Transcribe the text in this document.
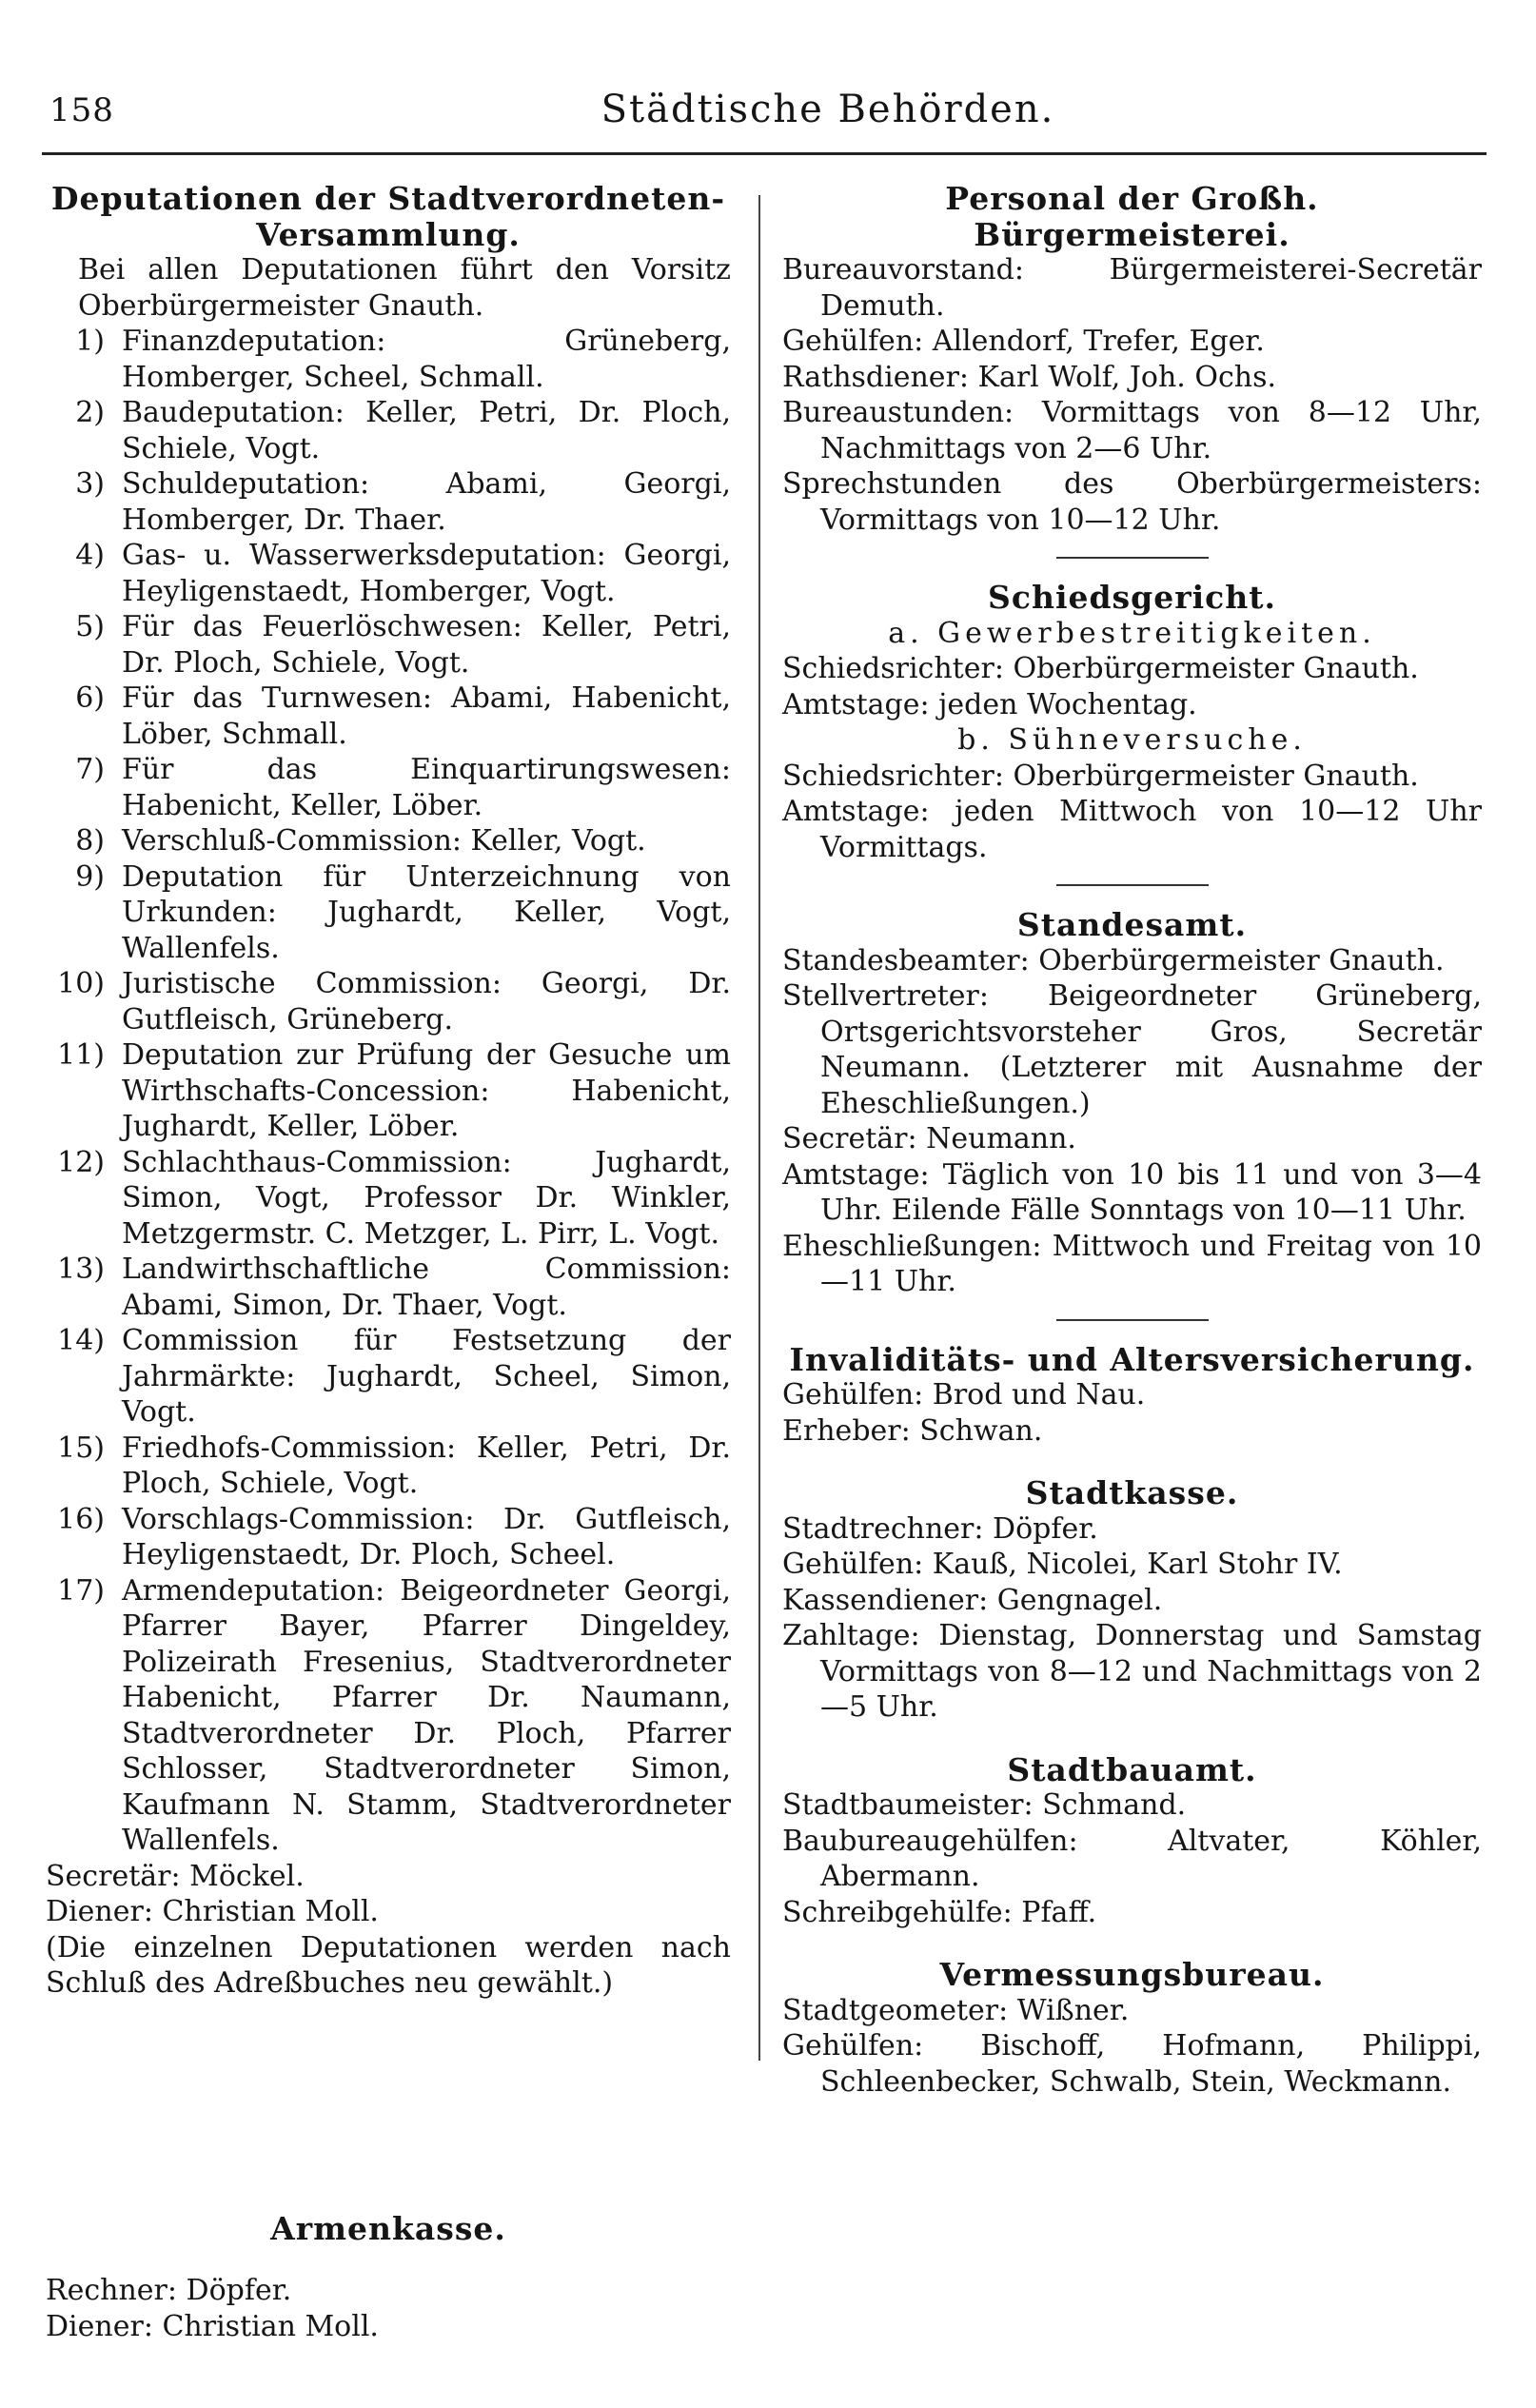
158	Städtische Behörden.
Deputationen der Stadtverordneten-Versammlung.
Bei allen Deputationen führt den Vorsitz Oberbürgermeister Gnauth.
1) Finanzdeputation: Grüneberg, Homberger, Scheel, Schmall.
2) Baudeputation: Keller, Petri, Dr. Ploch, Schiele, Vogt.
3) Schuldeputation: Abami, Georgi, Homberger, Dr. Thaer.
4) Gas- u. Wasserwerksdeputation: Georgi, Heyligenstaedt, Homberger, Vogt.
5) Für das Feuerlöschwesen: Keller, Petri, Dr. Ploch, Schiele, Vogt.
6) Für das Turnwesen: Abami, Habenicht, Löber, Schmall.
7) Für das Einquartirungswesen: Habenicht, Keller, Löber.
8) Verschluß-Commission: Keller, Vogt.
9) Deputation für Unterzeichnung von Urkunden: Jughardt, Keller, Vogt, Wallenfels.
10) Juristische Commission: Georgi, Dr. Gutfleisch, Grüneberg.
11) Deputation zur Prüfung der Gesuche um Wirthschafts-Concession: Habenicht, Jughardt, Keller, Löber.
12) Schlachthaus-Commission: Jughardt, Simon, Vogt, Professor Dr. Winkler, Metzgermstr. C. Metzger, L. Pirr, L. Vogt.
13) Landwirthschaftliche Commission: Abami, Simon, Dr. Thaer, Vogt.
14) Commission für Festsetzung der Jahrmärkte: Jughardt, Scheel, Simon, Vogt.
15) Friedhofs-Commission: Keller, Petri, Dr. Ploch, Schiele, Vogt.
16) Vorschlags-Commission: Dr. Gutfleisch, Heyligenstaedt, Dr. Ploch, Scheel.
17) Armendeputation: Beigeordneter Georgi, Pfarrer Bayer, Pfarrer Dingeldey, Polizeirath Fresenius, Stadtverordneter Habenicht, Pfarrer Dr. Naumann, Stadtverordneter Dr. Ploch, Pfarrer Schlosser, Stadtverordneter Simon, Kaufmann N. Stamm, Stadtverordneter Wallenfels.
Secretär: Möckel.
Diener: Christian Moll.
(Die einzelnen Deputationen werden nach Schluß des Adreßbuches neu gewählt.)
Armenkasse.
Rechner: Döpfer.
Diener: Christian Moll.
Personal der Großh. Bürgermeisterei.
Bureauvorstand: Bürgermeisterei-Secretär Demuth.
Gehülfen: Allendorf, Trefer, Eger.
Rathsdiener: Karl Wolf, Joh. Ochs.
Bureaustunden: Vormittags von 8—12 Uhr, Nachmittags von 2—6 Uhr.
Sprechstunden des Oberbürgermeisters: Vormittags von 10—12 Uhr.
Schiedsgericht.
a. Gewerbestreitigkeiten.
Schiedsrichter: Oberbürgermeister Gnauth.
Amtstage: jeden Wochentag.
b. Sühneversuche.
Schiedsrichter: Oberbürgermeister Gnauth.
Amtstage: jeden Mittwoch von 10—12 Uhr Vormittags.
Standesamt.
Standesbeamter: Oberbürgermeister Gnauth.
Stellvertreter: Beigeordneter Grüneberg, Ortsgerichtsvorsteher Gros, Secretär Neumann. (Letzterer mit Ausnahme der Eheschließungen.)
Secretär: Neumann.
Amtstage: Täglich von 10 bis 11 und von 3—4 Uhr. Eilende Fälle Sonntags von 10—11 Uhr.
Eheschließungen: Mittwoch und Freitag von 10—11 Uhr.
Invaliditäts- und Altersversicherung.
Gehülfen: Brod und Nau.
Erheber: Schwan.
Stadtkasse.
Stadtrechner: Döpfer.
Gehülfen: Kauß, Nicolei, Karl Stohr IV.
Kassendiener: Gengnagel.
Zahltage: Dienstag, Donnerstag und Samstag Vormittags von 8—12 und Nachmittags von 2—5 Uhr.
Stadtbauamt.
Stadtbaumeister: Schmand.
Baubureaugehülfen: Altvater, Köhler, Abermann.
Schreibgehülfe: Pfaff.
Vermessungsbureau.
Stadtgeometer: Wißner.
Gehülfen: Bischoff, Hofmann, Philippi, Schleenbecker, Schwalb, Stein, Weckmann.
